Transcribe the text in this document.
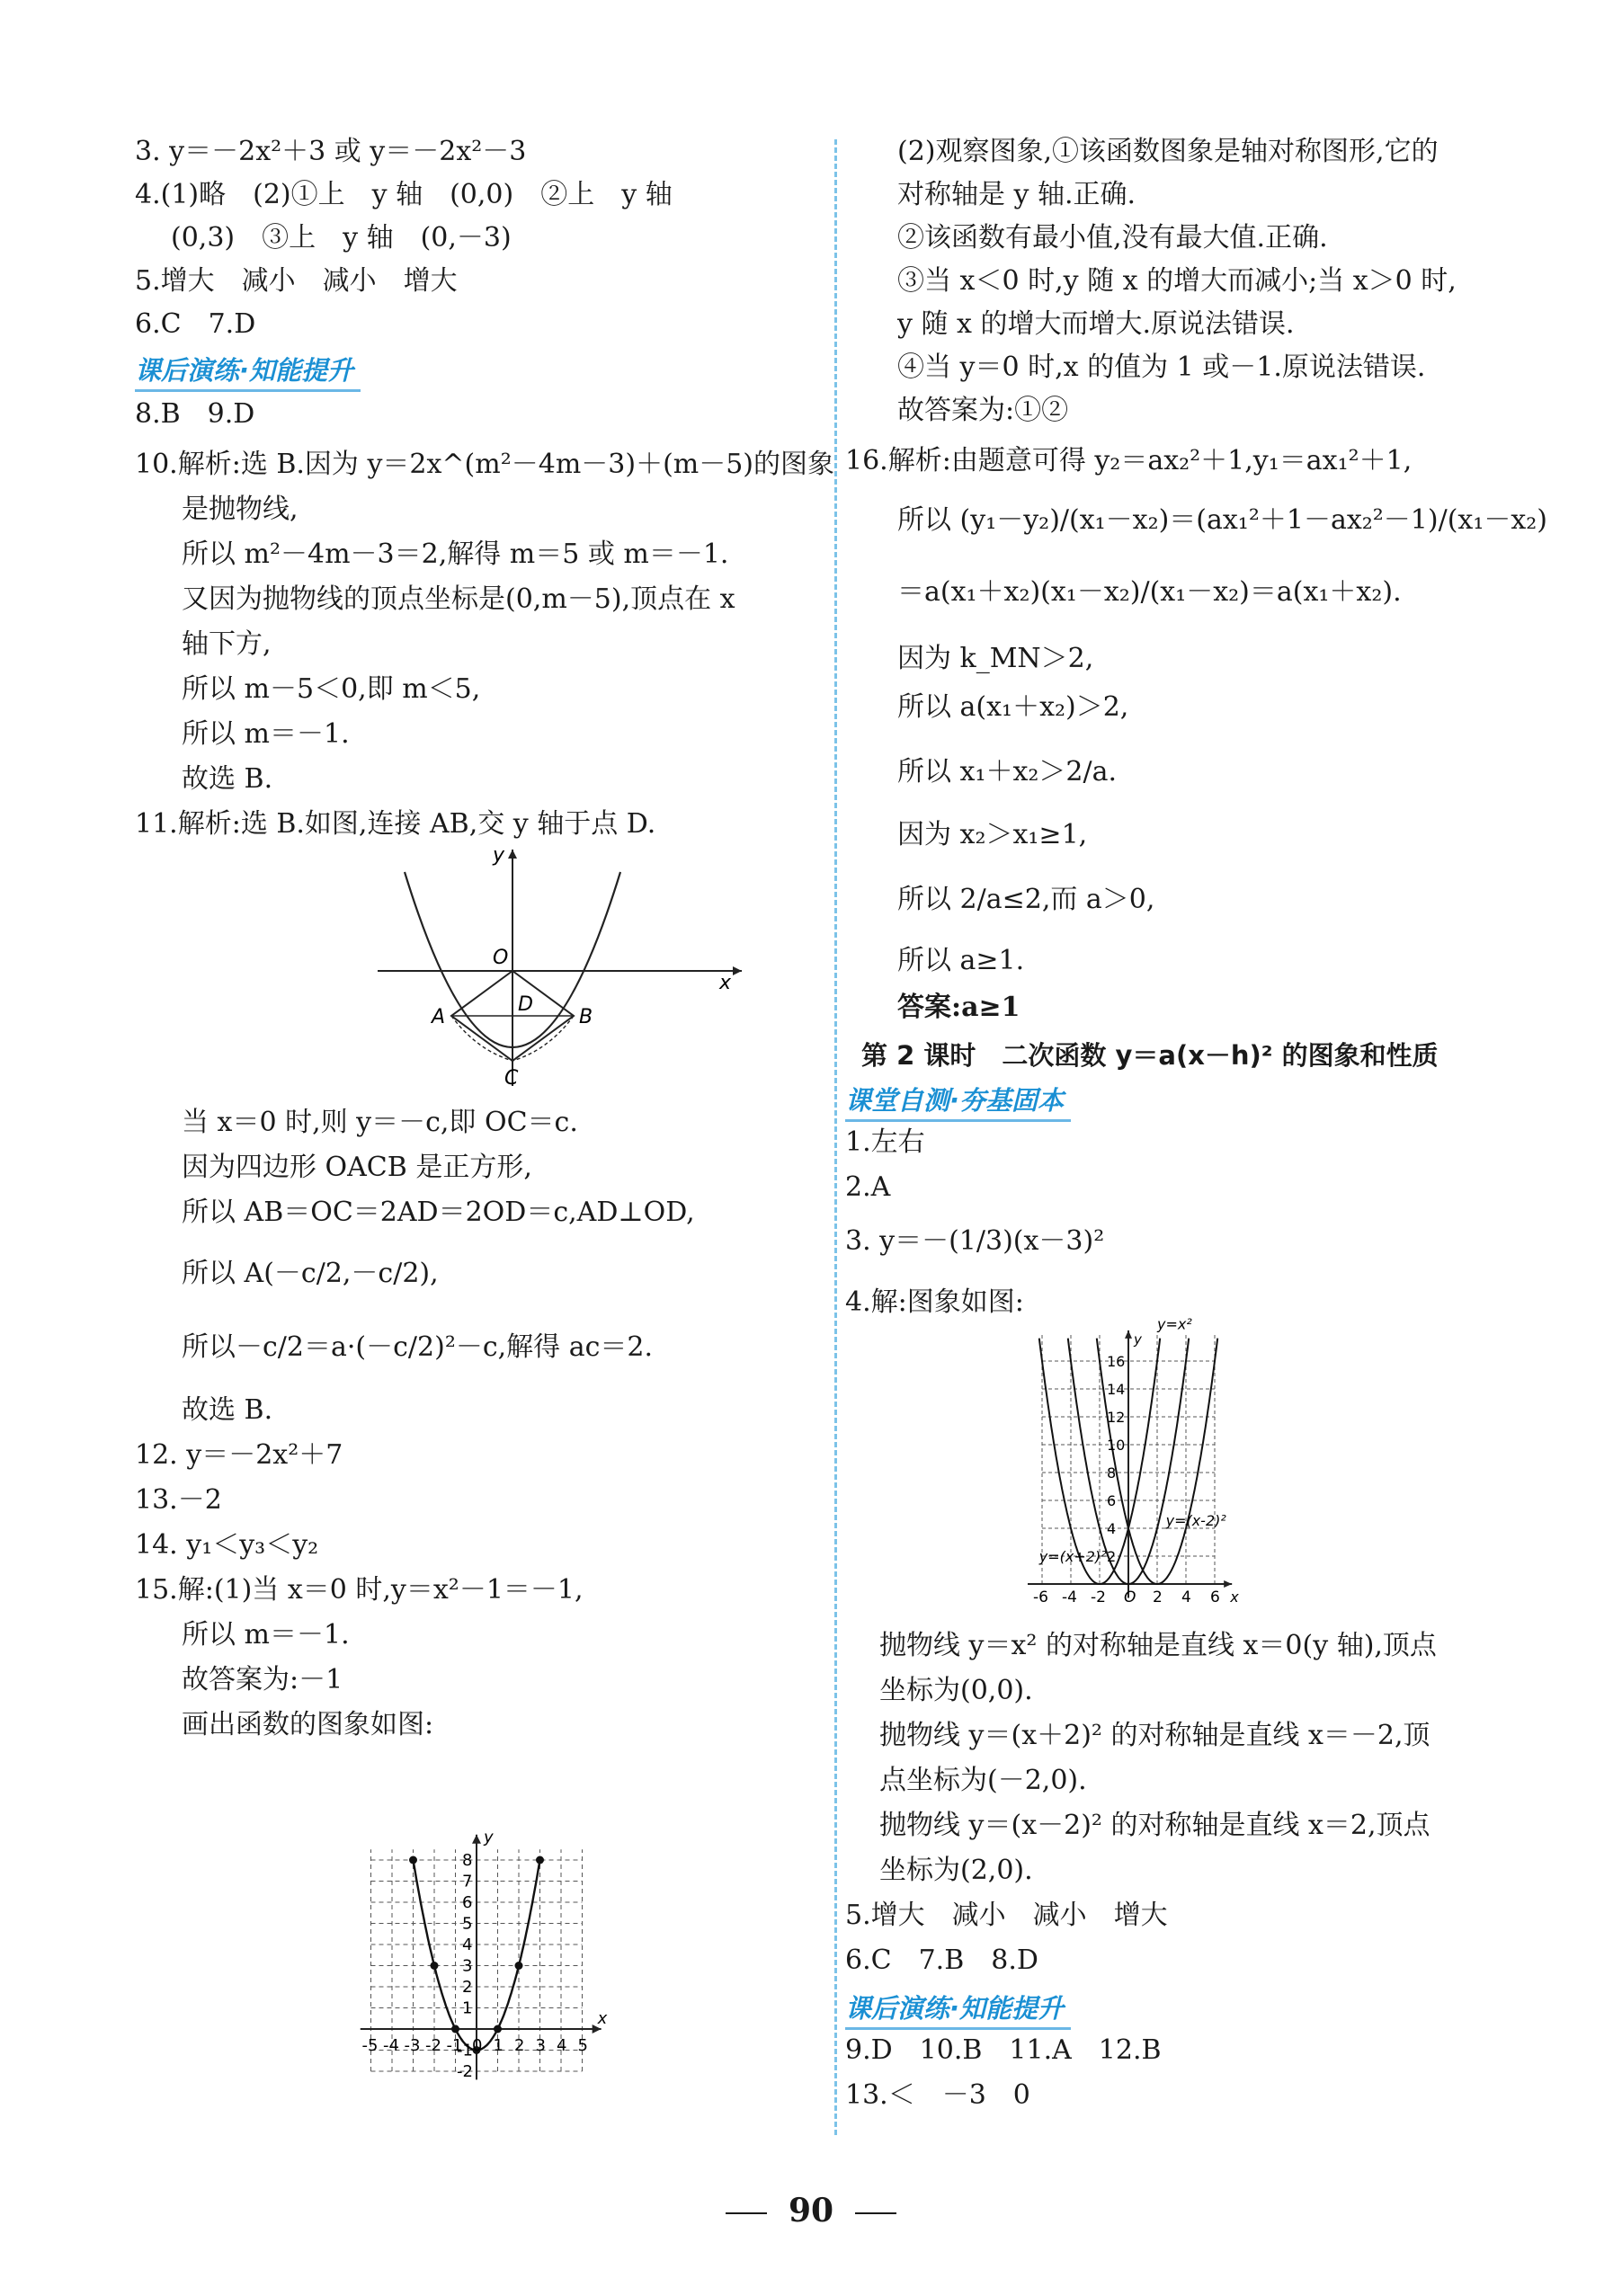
3. y＝－2x²＋3 或 y＝－2x²－3
4.(1)略　(2)①上　y 轴　(0,0)　②上　y 轴
(0,3)　③上　y 轴　(0,－3)
5.增大　减小　减小　增大
6.C　7.D
课后演练·知能提升
8.B　9.D
10.解析:选 B.因为 y＝2x^(m²－4m－3)＋(m－5)的图象
是抛物线,
所以 m²－4m－3＝2,解得 m＝5 或 m＝－1.
又因为抛物线的顶点坐标是(0,m－5),顶点在 x
轴下方,
所以 m－5＜0,即 m＜5,
所以 m＝－1.
故选 B.
11.解析:选 B.如图,连接 AB,交 y 轴于点 D.
y
x
O
A	B
C
D
当 x＝0 时,则 y＝－c,即 OC＝c.
因为四边形 OACB 是正方形,
所以 AB＝OC＝2AD＝2OD＝c,AD⊥OD,
所以 A(－c/2,－c/2),
所以－c/2＝a·(－c/2)²－c,解得 ac＝2.
故选 B.
12. y＝－2x²＋7
13.－2
14. y₁＜y₃＜y₂
15.解:(1)当 x＝0 时,y＝x²－1＝－1,
所以 m＝－1.
故答案为:－1
画出函数的图象如图:
-5 -4 -3 -2 -1 0 1 2 3 4 5
8
7
6
5
4
3
2
1
-1
-2
y
x
(2)观察图象,①该函数图象是轴对称图形,它的
对称轴是 y 轴.正确.
②该函数有最小值,没有最大值.正确.
③当 x＜0 时,y 随 x 的增大而减小;当 x＞0 时,
y 随 x 的增大而增大.原说法错误.
④当 y＝0 时,x 的值为 1 或－1.原说法错误.
故答案为:①②
16.解析:由题意可得 y₂＝ax₂²＋1,y₁＝ax₁²＋1,
所以 (y₁－y₂)/(x₁－x₂)＝(ax₁²＋1－ax₂²－1)/(x₁－x₂)
＝a(x₁＋x₂)(x₁－x₂)/(x₁－x₂)＝a(x₁＋x₂).
因为 k_MN＞2,
所以 a(x₁＋x₂)＞2,
所以 x₁＋x₂＞2/a.
因为 x₂＞x₁≥1,
所以 2/a≤2,而 a＞0,
所以 a≥1.
答案:a≥1
第 2 课时　二次函数 y＝a(x－h)² 的图象和性质
课堂自测·夯基固本
1.左右
2.A
3. y＝－(1/3)(x－3)²
4.解:图象如图:
16
14
12
10
8
6
4
2
-6 -4 -2 O 2 4 6
y
x
y=x²
y=(x-2)²
y=(x+2)²
抛物线 y＝x² 的对称轴是直线 x＝0(y 轴),顶点
坐标为(0,0).
抛物线 y＝(x＋2)² 的对称轴是直线 x＝－2,顶
点坐标为(－2,0).
抛物线 y＝(x－2)² 的对称轴是直线 x＝2,顶点
坐标为(2,0).
5.增大　减小　减小　增大
6.C　7.B　8.D
课后演练·知能提升
9.D　10.B　11.A　12.B
13.＜　－3　0
90
